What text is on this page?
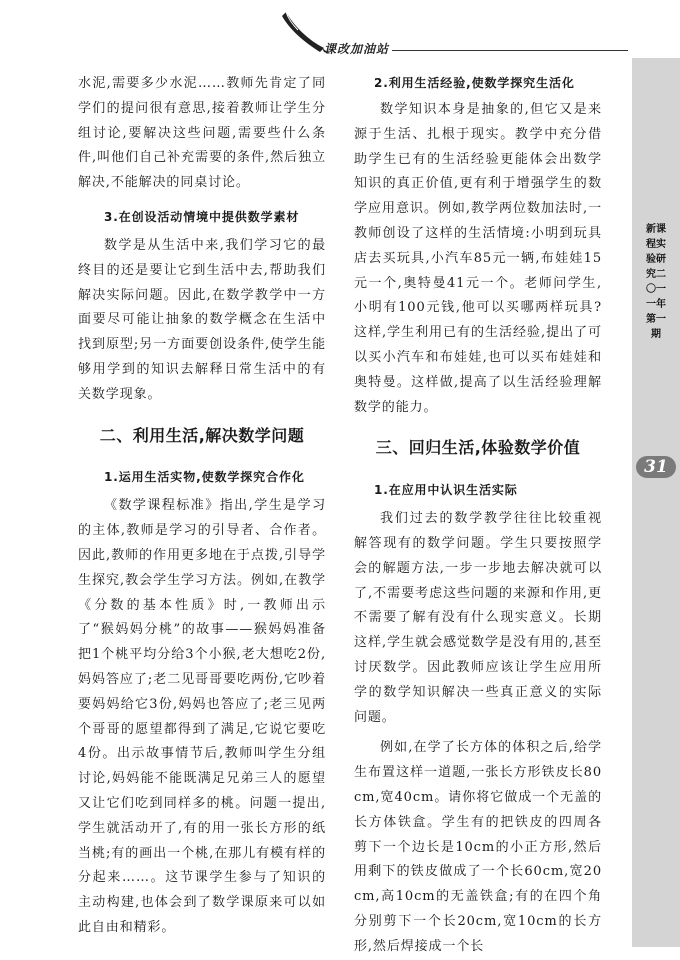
课改加油站
新课程实验研究二〇一一年第一期
31

水泥,需要多少水泥……教师先肯定了同学们的提问很有意思,接着教师让学生分组讨论,要解决这些问题,需要些什么条件,叫他们自己补充需要的条件,然后独立解决,不能解决的同桌讨论。

3.在创设活动情境中提供数学素材

数学是从生活中来,我们学习它的最终目的还是要让它到生活中去,帮助我们解决实际问题。因此,在数学教学中一方面要尽可能让抽象的数学概念在生活中找到原型;另一方面要创设条件,使学生能够用学到的知识去解释日常生活中的有关数学现象。

二、利用生活,解决数学问题

1.运用生活实物,使数学探究合作化

《数学课程标准》指出,学生是学习的主体,教师是学习的引导者、合作者。因此,教师的作用更多地在于点拨,引导学生探究,教会学生学习方法。例如,在教学《分数的基本性质》时,一教师出示了“猴妈妈分桃”的故事——猴妈妈准备把1个桃平均分给3个小猴,老大想吃2份,妈妈答应了;老二见哥哥要吃两份,它吵着要妈妈给它3份,妈妈也答应了;老三见两个哥哥的愿望都得到了满足,它说它要吃4份。出示故事情节后,教师叫学生分组讨论,妈妈能不能既满足兄弟三人的愿望又让它们吃到同样多的桃。问题一提出,学生就活动开了,有的用一张长方形的纸当桃;有的画出一个桃,在那儿有模有样的分起来……。这节课学生参与了知识的主动构建,也体会到了数学课原来可以如此自由和精彩。

2.利用生活经验,使数学探究生活化

数学知识本身是抽象的,但它又是来源于生活、扎根于现实。教学中充分借助学生已有的生活经验更能体会出数学知识的真正价值,更有利于增强学生的数学应用意识。例如,教学两位数加法时,一教师创设了这样的生活情境:小明到玩具店去买玩具,小汽车85元一辆,布娃娃15元一个,奥特曼41元一个。老师问学生,小明有100元钱,他可以买哪两样玩具?这样,学生利用已有的生活经验,提出了可以买小汽车和布娃娃,也可以买布娃娃和奥特曼。这样做,提高了以生活经验理解数学的能力。

三、回归生活,体验数学价值

1.在应用中认识生活实际

我们过去的数学教学往往比较重视解答现有的数学问题。学生只要按照学会的解题方法,一步一步地去解决就可以了,不需要考虑这些问题的来源和作用,更不需要了解有没有什么现实意义。长期这样,学生就会感觉数学是没有用的,甚至讨厌数学。因此教师应该让学生应用所学的数学知识解决一些真正意义的实际问题。

例如,在学了长方体的体积之后,给学生布置这样一道题,一张长方形铁皮长80cm,宽40cm。请你将它做成一个无盖的长方体铁盒。学生有的把铁皮的四周各剪下一个边长是10cm的小正方形,然后用剩下的铁皮做成了一个长60cm,宽20cm,高10cm的无盖铁盒;有的在四个角分别剪下一个长20cm,宽10cm的长方形,然后焊接成一个长
